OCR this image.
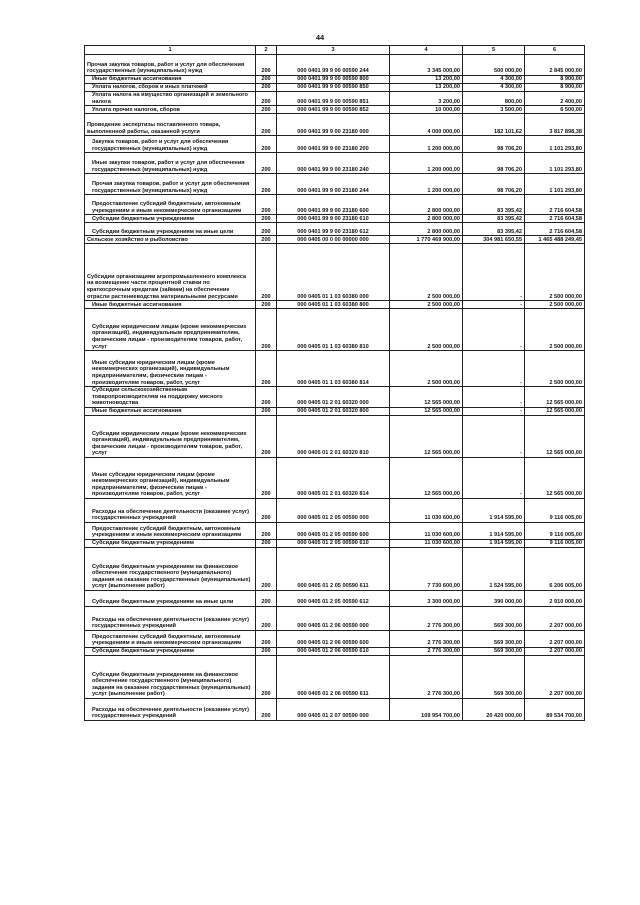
44
1	2	3	4	5	6
Прочая закупка товаров, работ и услуг для обеспечения государственных (муниципальных) нужд	200	000 0401 99 9 00 00590 244	3 345 000,00	500 000,00	2 845 000,00

Иные бюджетные ассигнования	200	000 0401 99 9 00 00590 800	13 200,00	4 300,00	8 900,00

Уплата налогов, сборов и иных платежей	200	000 0401 99 9 00 00590 850	13 200,00	4 300,00	8 900,00

Уплата налога на имущество организаций и земельного налога	200	000 0401 99 9 00 00590 851	3 200,00	800,00	2 400,00

Уплата прочих налогов, сборов	200	000 0401 99 9 00 00590 852	10 000,00	3 500,00	6 500,00
Проведение экспертизы поставленного товара, выполненной работы, оказанной услуги	200	000 0401 99 9 00 23180 000	4 000 000,00	182 101,62	3 817 898,38

Закупка товаров, работ и услуг для обеспечения государственных (муниципальных) нужд	200	000 0401 99 9 00 23180 200	1 200 000,00	98 706,20	1 101 293,80

Иные закупки товаров, работ и услуг для обеспечения государственных (муниципальных) нужд	200	000 0401 99 9 00 23180 240	1 200 000,00	98 706,20	1 101 293,80

Прочая закупка товаров, работ и услуг для обеспечения государственных (муниципальных) нужд	200	000 0401 99 9 00 23180 244	1 200 000,00	98 706,20	1 101 293,80

Предоставление субсидий бюджетным, автономным учреждениям и иным некоммерческим организациям	200	000 0401 99 9 00 23180 600	2 800 000,00	83 395,42	2 716 604,58

Субсидии бюджетным учреждениям	200	000 0401 99 9 00 23180 610	2 800 000,00	83 395,42	2 716 604,58

Субсидии бюджетным учреждениям на иные цели	200	000 0401 99 9 00 23180 612	2 800 000,00	83 395,42	2 716 604,58
Сельское хозяйство и рыболовство	200	000 0405 00 0 00 00000 000	1 770 469 900,00	304 981 650,55	1 465 488 249,45
Субсидии организациям агропромышленного комплекса на возмещение части процентной ставки по краткосрочным кредитам (займам) на обеспечение отрасли растениеводства материальными ресурсами	200	000 0405 01 1 03 60380 000	2 500 000,00	-	2 500 000,00

Иные бюджетные ассигнования	200	000 0405 01 1 03 60380 800	2 500 000,00	-	2 500 000,00

Субсидии юридическим лицам (кроме некоммерческих организаций), индивидуальным предпринимателям, физическим лицам - производителям товаров, работ, услуг	200	000 0405 01 1 03 60380 810	2 500 000,00	-	2 500 000,00

Иные субсидии юридическим лицам (кроме некоммерческих организаций), индивидуальным предпринимателям, физическим лицам - производителям товаров, работ, услуг	200	000 0405 01 1 03 60380 814	2 500 000,00	-	2 500 000,00

Субсидии сельскохозяйственным товаропроизводителям на поддержку мясного животноводства	200	000 0405 01 2 01 60320 000	12 565 000,00	-	12 565 000,00

Иные бюджетные ассигнования	200	000 0405 01 2 01 60320 800	12 565 000,00	-	12 565 000,00

Субсидии юридическим лицам (кроме некоммерческих организаций), индивидуальным предпринимателям, физическим лицам - производителям товаров, работ, услуг	200	000 0405 01 2 01 60320 810	12 565 000,00	-	12 565 000,00

Иные субсидии юридическим лицам (кроме некоммерческих организаций), индивидуальным предпринимателям, физическим лицам - производителям товаров, работ, услуг	200	000 0405 01 2 01 60320 814	12 565 000,00	-	12 565 000,00

Расходы на обеспечение деятельности (оказание услуг) государственных учреждений	200	000 0405 01 2 05 00590 000	11 030 600,00	1 914 595,00	9 116 005,00

Предоставление субсидий бюджетным, автономным учреждениям и иным некоммерческим организациям	200	000 0405 01 2 05 00590 600	11 030 600,00	1 914 595,00	9 116 005,00

Субсидии бюджетным учреждениям	200	000 0405 01 2 05 00590 610	11 030 600,00	1 914 595,00	9 116 005,00

Субсидии бюджетным учреждениям на финансовое обеспечение государственного (муниципального) задания на оказание государственных (муниципальных) услуг (выполнение работ)	200	000 0405 01 2 05 00590 611	7 730 600,00	1 524 595,00	6 206 005,00

Субсидии бюджетным учреждениям на иные цели	200	000 0405 01 2 05 00590 612	3 300 000,00	390 000,00	2 910 000,00

Расходы на обеспечение деятельности (оказание услуг) государственных учреждений	200	000 0405 01 2 06 00590 000	2 776 300,00	569 300,00	2 207 000,00

Предоставление субсидий бюджетным, автономным учреждениям и иным некоммерческим организациям	200	000 0405 01 2 06 00590 600	2 776 300,00	569 300,00	2 207 000,00

Субсидии бюджетным учреждениям	200	000 0405 01 2 06 00590 610	2 776 300,00	569 300,00	2 207 000,00

Субсидии бюджетным учреждениям на финансовое обеспечение государственного (муниципального) задания на оказание государственных (муниципальных) услуг (выполнение работ)	200	000 0405 01 2 06 00590 611	2 776 300,00	569 300,00	2 207 000,00

Расходы на обеспечение деятельности (оказание услуг) государственных учреждений	200	000 0405 01 2 07 00590 000	109 954 700,00	20 420 000,00	89 534 700,00
